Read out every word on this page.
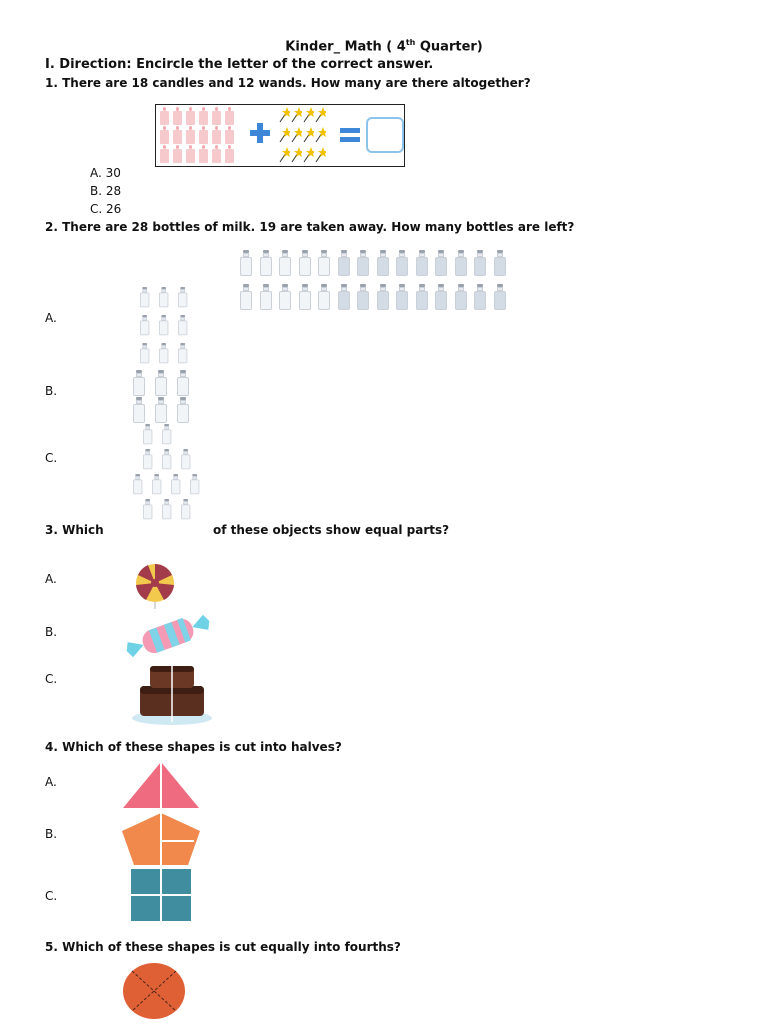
Kinder_ Math ( 4th Quarter)
I. Direction: Encircle the letter of the correct answer.
1. There are 18 candles and 12 wands. How many are there altogether?
A. 30
B. 28
C. 26
2. There are 28 bottles of milk. 19 are taken away. How many bottles are left?
A.
B.
C.
3. Which	of these objects show equal parts?
A.
B.
C.
4. Which of these shapes is cut into halves?
A.
B.
C.
5. Which of these shapes is cut equally into fourths?
